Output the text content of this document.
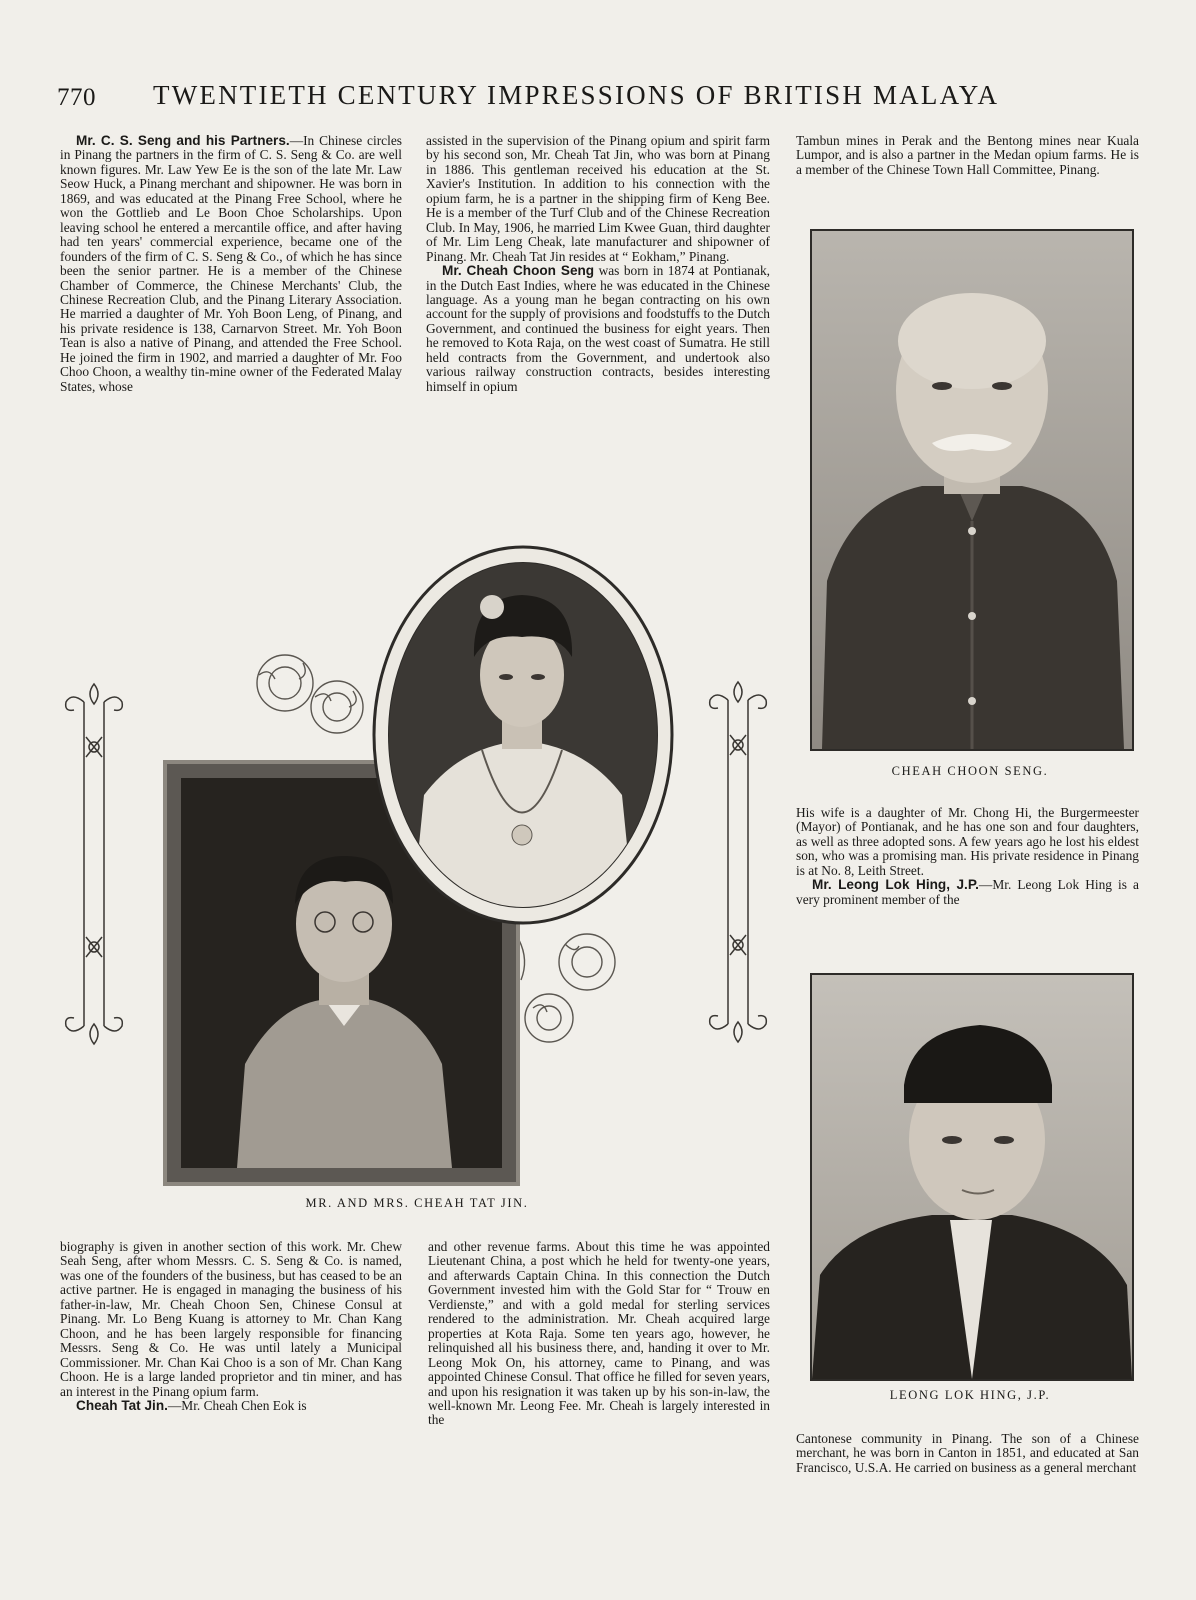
770 TWENTIETH CENTURY IMPRESSIONS OF BRITISH MALAYA

Mr. C. S. Seng and his Partners.—In Chinese circles in Pinang the partners in the firm of C. S. Seng & Co. are well known figures. Mr. Law Yew Ee is the son of the late Mr. Law Seow Huck, a Pinang merchant and shipowner. He was born in 1869, and was educated at the Pinang Free School, where he won the Gottlieb and Le Boon Choe Scholarships. Upon leaving school he entered a mercantile office, and after having had ten years' commercial experience, became one of the founders of the firm of C. S. Seng & Co., of which he has since been the senior partner. He is a member of the Chinese Chamber of Commerce, the Chinese Merchants' Club, the Chinese Recreation Club, and the Pinang Literary Association. He married a daughter of Mr. Yoh Boon Leng, of Pinang, and his private residence is 138, Carnarvon Street. Mr. Yoh Boon Tean is also a native of Pinang, and attended the Free School. He joined the firm in 1902, and married a daughter of Mr. Foo Choo Choon, a wealthy tin-mine owner of the Federated Malay States, whose

assisted in the supervision of the Pinang opium and spirit farm by his second son, Mr. Cheah Tat Jin, who was born at Pinang in 1886. This gentleman received his education at the St. Xavier's Institution. In addition to his connection with the opium farm, he is a partner in the shipping firm of Keng Bee. He is a member of the Turf Club and of the Chinese Recreation Club. In May, 1906, he married Lim Kwee Guan, third daughter of Mr. Lim Leng Cheak, late manufacturer and shipowner of Pinang. Mr. Cheah Tat Jin resides at “ Eokham,” Pinang.

Mr. Cheah Choon Seng was born in 1874 at Pontianak, in the Dutch East Indies, where he was educated in the Chinese language. As a young man he began contracting on his own account for the supply of provisions and foodstuffs to the Dutch Government, and continued the business for eight years. Then he removed to Kota Raja, on the west coast of Sumatra. He still held contracts from the Government, and undertook also various railway construction contracts, besides interesting himself in opium

Tambun mines in Perak and the Bentong mines near Kuala Lumpor, and is also a partner in the Medan opium farms. He is a member of the Chinese Town Hall Committee, Pinang.

CHEAH CHOON SENG.

His wife is a daughter of Mr. Chong Hi, the Burgermeester (Mayor) of Pontianak, and he has one son and four daughters, as well as three adopted sons. A few years ago he lost his eldest son, who was a promising man. His private residence in Pinang is at No. 8, Leith Street.

Mr. Leong Lok Hing, J.P.—Mr. Leong Lok Hing is a very prominent member of the

LEONG LOK HING, J.P.
MR. AND MRS. CHEAH TAT JIN.

biography is given in another section of this work. Mr. Chew Seah Seng, after whom Messrs. C. S. Seng & Co. is named, was one of the founders of the business, but has ceased to be an active partner. He is engaged in managing the business of his father-in-law, Mr. Cheah Choon Sen, Chinese Consul at Pinang. Mr. Lo Beng Kuang is attorney to Mr. Chan Kang Choon, and he has been largely responsible for financing Messrs. Seng & Co. He was until lately a Municipal Commissioner. Mr. Chan Kai Choo is a son of Mr. Chan Kang Choon. He is a large landed proprietor and tin miner, and has an interest in the Pinang opium farm.

Cheah Tat Jin.—Mr. Cheah Chen Eok is

and other revenue farms. About this time he was appointed Lieutenant China, a post which he held for twenty-one years, and afterwards Captain China. In this connection the Dutch Government invested him with the Gold Star for “ Trouw en Verdienste,” and with a gold medal for sterling services rendered to the administration. Mr. Cheah acquired large properties at Kota Raja. Some ten years ago, however, he relinquished all his business there, and, handing it over to Mr. Leong Mok On, his attorney, came to Pinang, and was appointed Chinese Consul. That office he filled for seven years, and upon his resignation it was taken up by his son-in-law, the well-known Mr. Leong Fee. Mr. Cheah is largely interested in the

Cantonese community in Pinang. The son of a Chinese merchant, he was born in Canton in 1851, and educated at San Francisco, U.S.A. He carried on business as a general merchant
